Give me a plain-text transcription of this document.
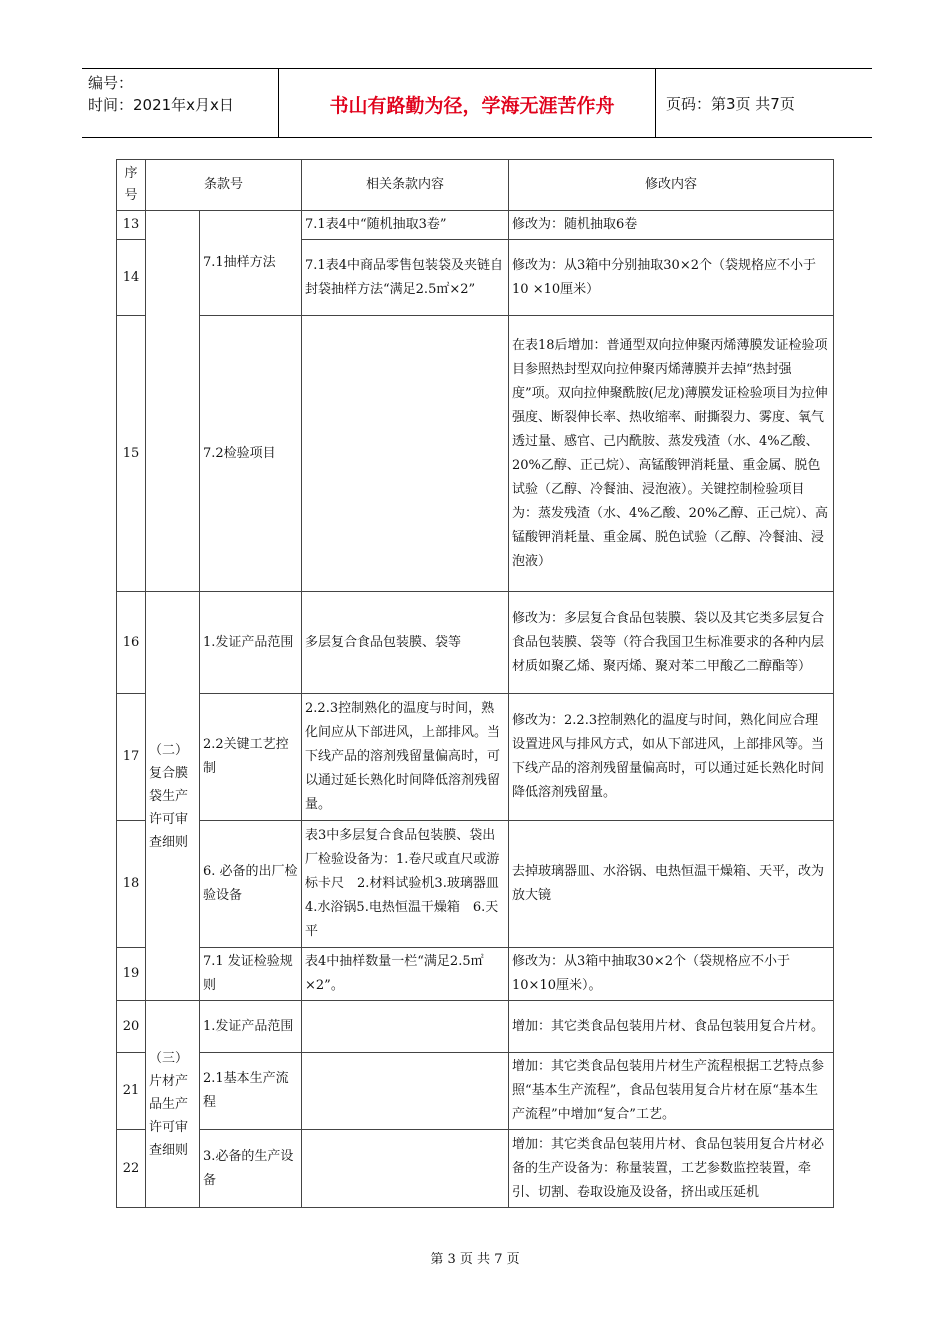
编号：
时间：2021年x月x日	书山有路勤为径，学海无涯苦作舟	页码：第3页 共7页
序号	条款号		相关条款内容	修改内容
13		7.1抽样方法	7.1表4中“随机抽取3卷”	修改为：随机抽取6卷
14			7.1表4中商品零售包装袋及夹链自封袋抽样方法“满足2.5㎡×2”	修改为：从3箱中分别抽取30×2个（袋规格应不小于10 ×10厘米）
15		7.2检验项目		在表18后增加：普通型双向拉伸聚丙烯薄膜发证检验项目参照热封型双向拉伸聚丙烯薄膜并去掉“热封强度”项。双向拉伸聚酰胺(尼龙)薄膜发证检验项目为拉伸强度、断裂伸长率、热收缩率、耐撕裂力、雾度、氧气透过量、感官、己内酰胺、蒸发残渣（水、4%乙酸、20%乙醇、正己烷）、高锰酸钾消耗量、重金属、脱色试验（乙醇、冷餐油、浸泡液）。关键控制检验项目为：蒸发残渣（水、4%乙酸、20%乙醇、正己烷）、高锰酸钾消耗量、重金属、脱色试验（乙醇、冷餐油、浸泡液）
16	（二）复合膜袋生产许可审查细则	1.发证产品范围	多层复合食品包装膜、袋等	修改为：多层复合食品包装膜、袋以及其它类多层复合食品包装膜、袋等（符合我国卫生标准要求的各种内层材质如聚乙烯、聚丙烯、聚对苯二甲酸乙二醇酯等）
17		2.2关键工艺控制	2.2.3控制熟化的温度与时间，熟化间应从下部进风，上部排风。当下线产品的溶剂残留量偏高时，可以通过延长熟化时间降低溶剂残留量。	修改为：2.2.3控制熟化的温度与时间，熟化间应合理设置进风与排风方式，如从下部进风，上部排风等。当下线产品的溶剂残留量偏高时，可以通过延长熟化时间降低溶剂残留量。
18		6. 必备的出厂检验设备	表3中多层复合食品包装膜、袋出厂检验设备为：1.卷尺或直尺或游标卡尺　2.材料试验机3.玻璃器皿　4.水浴锅5.电热恒温干燥箱　6.天平	去掉玻璃器皿、水浴锅、电热恒温干燥箱、天平，改为放大镜
19		7.1 发证检验规则	表4中抽样数量一栏“满足2.5㎡×2”。	修改为：从3箱中抽取30×2个（袋规格应不小于10×10厘米）。
20	（三）片材产品生产许可审查细则	1.发证产品范围		增加：其它类食品包装用片材、食品包装用复合片材。
21		2.1基本生产流程		增加：其它类食品包装用片材生产流程根据工艺特点参照“基本生产流程”，食品包装用复合片材在原“基本生产流程”中增加“复合”工艺。
22		3.必备的生产设备		增加：其它类食品包装用片材、食品包装用复合片材必备的生产设备为：称量装置，工艺参数监控装置，牵引、切割、卷取设施及设备，挤出或压延机
第 3 页 共 7 页
